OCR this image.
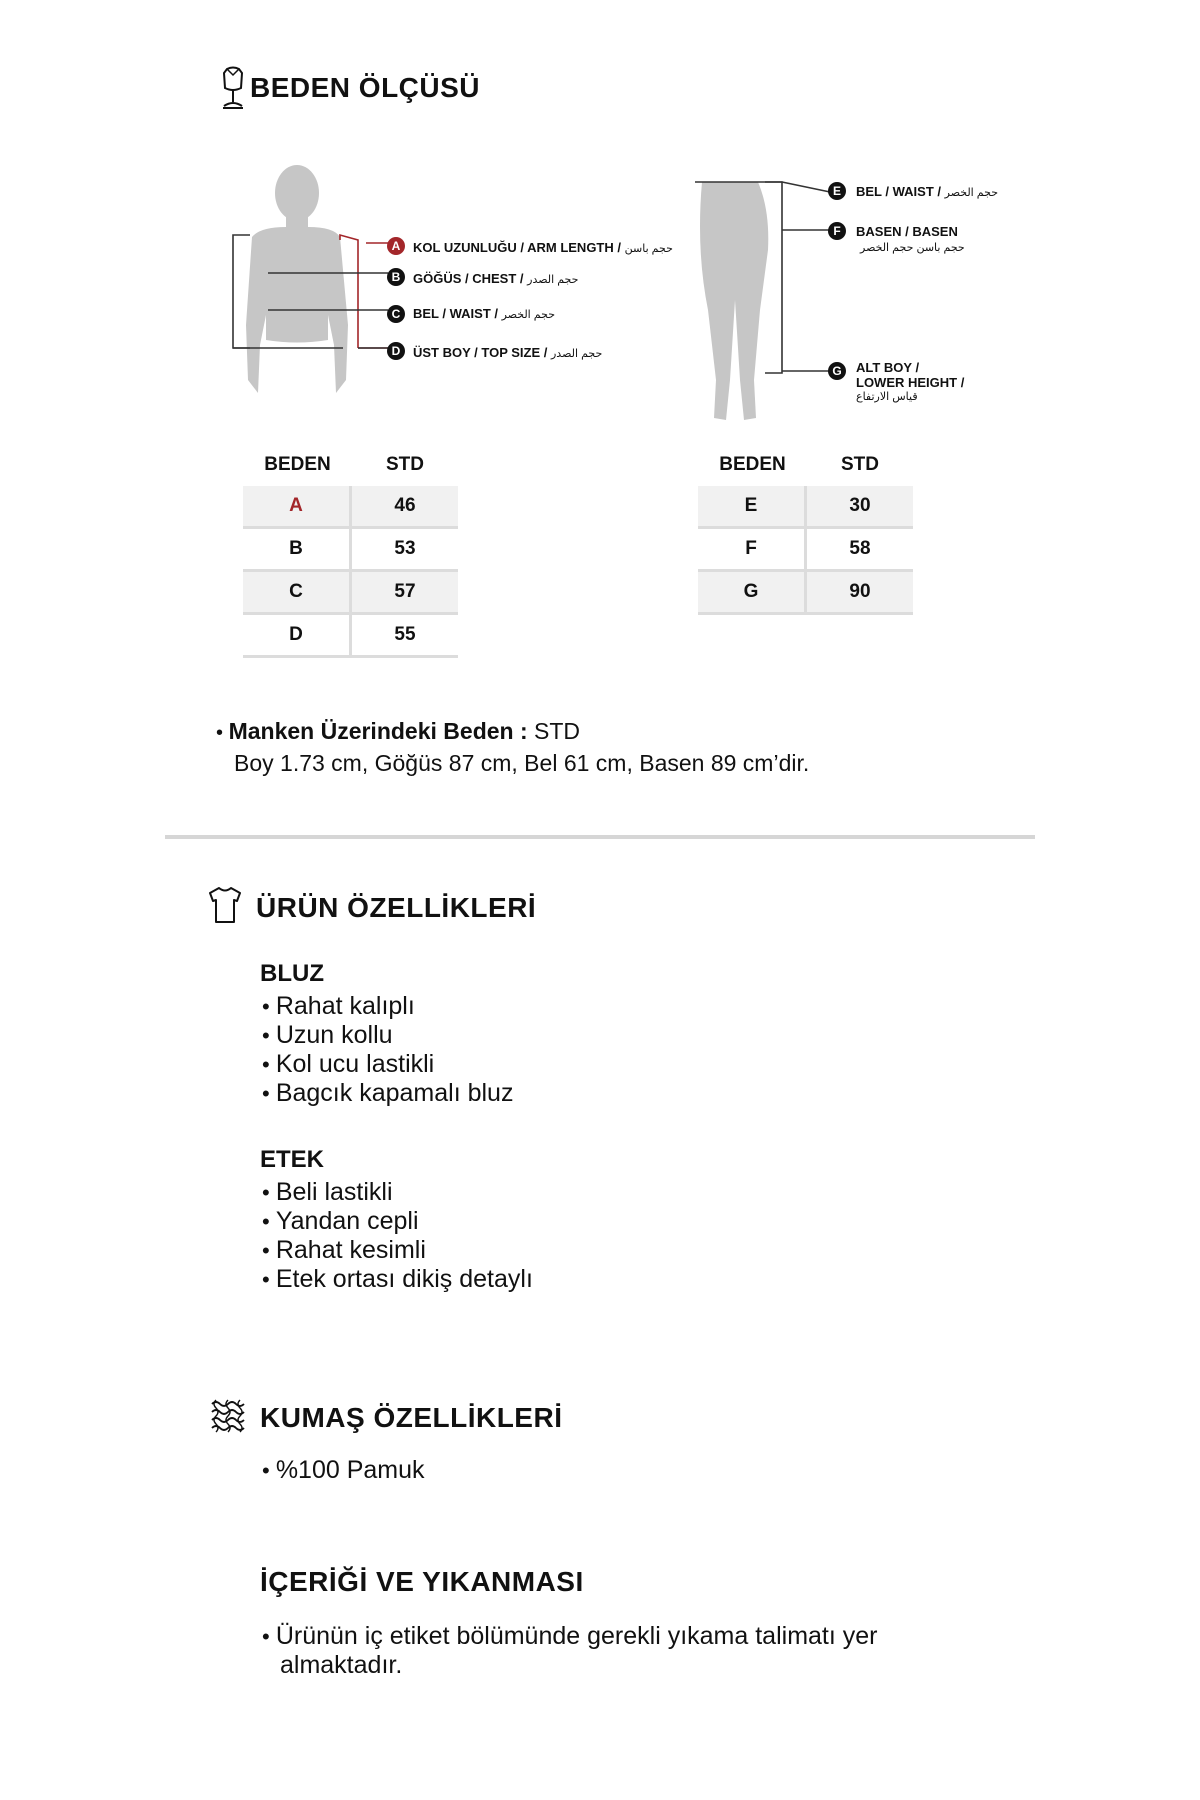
BEDEN ÖLÇÜSÜ
A KOL UZUNLUĞU / ARM LENGTH / حجم باسن
B GÖĞÜS / CHEST / حجم الصدر
C BEL / WAIST / حجم الخصر
D ÜST BOY / TOP SIZE / حجم الصدر
E	BEL / WAIST / حجم الخصر
F	BASEN / BASEN
حجم باسن حجم الخصر
G	ALT BOY /
LOWER HEIGHT /
قياس الارتفاع
BEDEN	STD
A	46
B	53
C	57
D	55
BEDEN	STD
E	30
F	58
G	90
• Manken Üzerindeki Beden : STD
Boy 1.73 cm, Göğüs 87 cm, Bel 61 cm, Basen 89 cm’dir.
ÜRÜN ÖZELLİKLERİ
BLUZ
• Rahat kalıplı
• Uzun kollu
• Kol ucu lastikli
• Bagcık kapamalı bluz
ETEK
• Beli lastikli
• Yandan cepli
• Rahat kesimli
• Etek ortası dikiş detaylı
KUMAŞ ÖZELLİKLERİ
• %100 Pamuk
İÇERİĞİ VE YIKANMASI
• Ürünün iç etiket bölümünde gerekli yıkama talimatı yer almaktadır.
